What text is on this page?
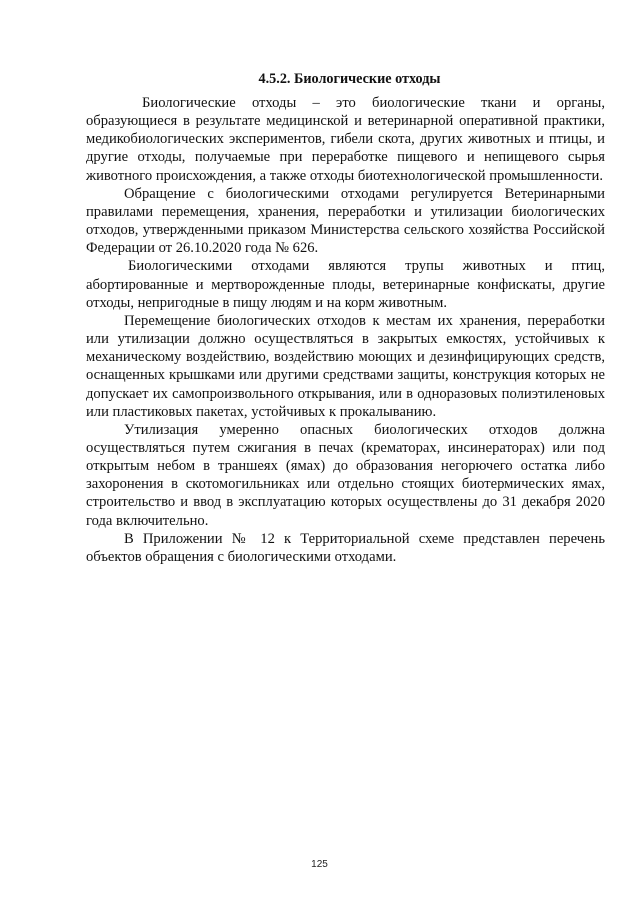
4.5.2. Биологические отходы

Биологические отходы – это биологические ткани и органы, образующиеся в результате медицинской и ветеринарной оперативной практики, медикобиологических экспериментов, гибели скота, других животных и птицы, и другие отходы, получаемые при переработке пищевого и непищевого сырья животного происхождения, а также отходы биотехнологической промышленности.

Обращение с биологическими отходами регулируется Ветеринарными правилами перемещения, хранения, переработки и утилизации биологических отходов, утвержденными приказом Министерства сельского хозяйства Российской Федерации от 26.10.2020 года № 626.

Биологическими отходами являются трупы животных и птиц, абортированные и мертворожденные плоды, ветеринарные конфискаты, другие отходы, непригодные в пищу людям и на корм животным.

Перемещение биологических отходов к местам их хранения, переработки или утилизации должно осуществляться в закрытых емкостях, устойчивых к механическому воздействию, воздействию моющих и дезинфицирующих средств, оснащенных крышками или другими средствами защиты, конструкция которых не допускает их самопроизвольного открывания, или в одноразовых полиэтиленовых или пластиковых пакетах, устойчивых к прокалыванию.

Утилизация умеренно опасных биологических отходов должна осуществляться путем сжигания в печах (крематорах, инсинераторах) или под открытым небом в траншеях (ямах) до образования негорючего остатка либо захоронения в скотомогильниках или отдельно стоящих биотермических ямах, строительство и ввод в эксплуатацию которых осуществлены до 31 декабря 2020 года включительно.

В Приложении № 12 к Территориальной схеме представлен перечень объектов обращения с биологическими отходами.

125
